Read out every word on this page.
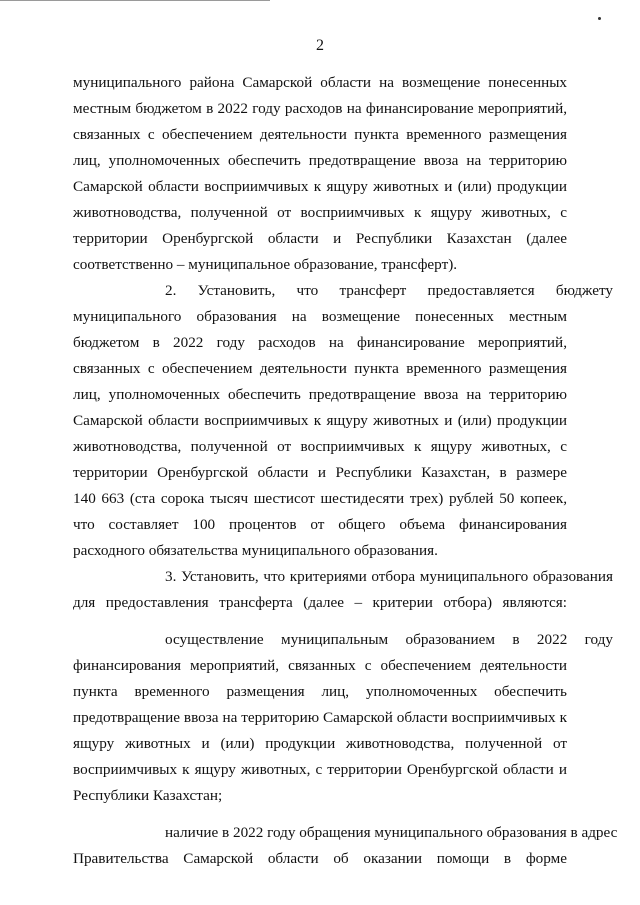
2

муниципального района Самарской области на возмещение понесенных местным бюджетом в 2022 году расходов на финансирование мероприятий, связанных с обеспечением деятельности пункта временного размещения лиц, уполномоченных обеспечить предотвращение ввоза на территорию Самарской области восприимчивых к ящуру животных и (или) продукции животноводства, полученной от восприимчивых к ящуру животных, с территории Оренбургской области и Республики Казахстан (далее соответственно – муниципальное образование, трансферт).

2.    Установить,    что    трансферт    предоставляется    бюджету муниципального образования на возмещение понесенных местным бюджетом в 2022 году расходов на финансирование мероприятий, связанных с обеспечением деятельности пункта временного размещения лиц, уполномоченных обеспечить предотвращение ввоза на территорию Самарской области восприимчивых к ящуру животных и (или) продукции животноводства, полученной от восприимчивых к ящуру животных, с территории Оренбургской области и Республики Казахстан, в размере 140 663 (ста сорока тысяч шестисот шестидесяти трех) рублей 50 копеек, что составляет 100 процентов от общего объема финансирования расходного обязательства муниципального образования.

3. Установить, что критериями отбора муниципального образования для предоставления трансферта (далее – критерии отбора) являются:

осуществление муниципальным образованием в 2022 году финансирования мероприятий, связанных с обеспечением деятельности пункта временного размещения лиц, уполномоченных обеспечить предотвращение ввоза на территорию Самарской области восприимчивых к ящуру животных и (или) продукции животноводства, полученной от восприимчивых к ящуру животных, с территории Оренбургской области и Республики Казахстан;

наличие в 2022 году обращения муниципального образования в адрес Правительства Самарской области об оказании помощи в форме
